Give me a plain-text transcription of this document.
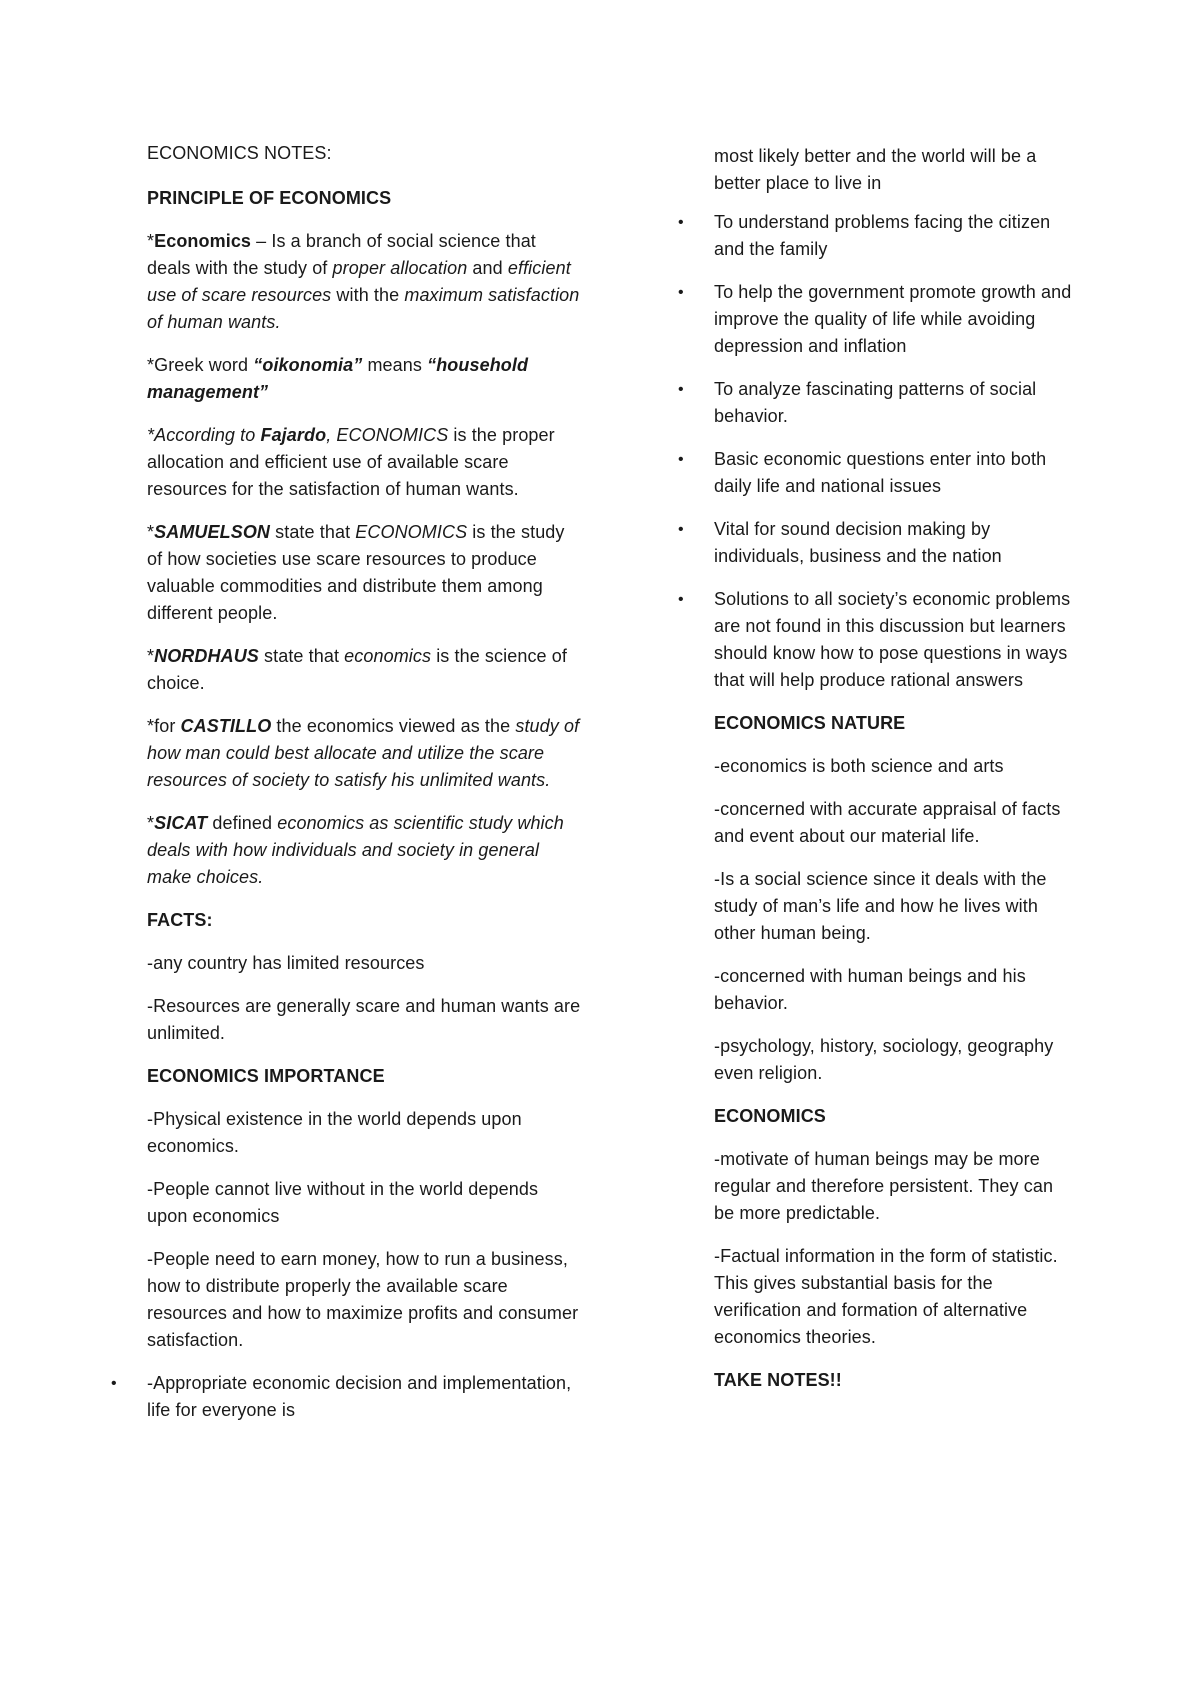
ECONOMICS NOTES:

PRINCIPLE OF ECONOMICS

*Economics – Is a branch of social science that deals with the study of proper allocation and efficient use of scare resources with the maximum satisfaction of human wants.

*Greek word “oikonomia” means “household management”

*According to Fajardo, ECONOMICS is the proper allocation and efficient use of available scare resources for the satisfaction of human wants.

*SAMUELSON state that ECONOMICS is the study of how societies use scare resources to produce valuable commodities and distribute them among different people.

*NORDHAUS state that economics is the science of choice.

*for CASTILLO the economics viewed as the study of how man could best allocate and utilize the scare resources of society to satisfy his unlimited wants.

*SICAT defined economics as scientific study which deals with how individuals and society in general make choices.

FACTS:

-any country has limited resources

-Resources are generally scare and human wants are unlimited.

ECONOMICS IMPORTANCE

-Physical existence in the world depends upon economics.

-People cannot live without in the world depends upon economics

-People need to earn money, how to run a business, how to distribute properly the available scare resources and how to maximize profits and consumer satisfaction.

• -Appropriate economic decision and implementation, life for everyone is

most likely better and the world will be a better place to live in

• To understand problems facing the citizen and the family
• To help the government promote growth and improve the quality of life while avoiding depression and inflation
• To analyze fascinating patterns of social behavior.
• Basic economic questions enter into both daily life and national issues
• Vital for sound decision making by individuals, business and the nation
• Solutions to all society’s economic problems are not found in this discussion but learners should know how to pose questions in ways that will help produce rational answers

ECONOMICS NATURE

-economics is both science and arts

-concerned with accurate appraisal of facts and event about our material life.

-Is a social science since it deals with the study of man’s life and how he lives with other human being.

-concerned with human beings and his behavior.

-psychology, history, sociology, geography even religion.

ECONOMICS

-motivate of human beings may be more regular and therefore persistent. They can be more predictable.

-Factual information in the form of statistic. This gives substantial basis for the verification and formation of alternative economics theories.

TAKE NOTES!!
